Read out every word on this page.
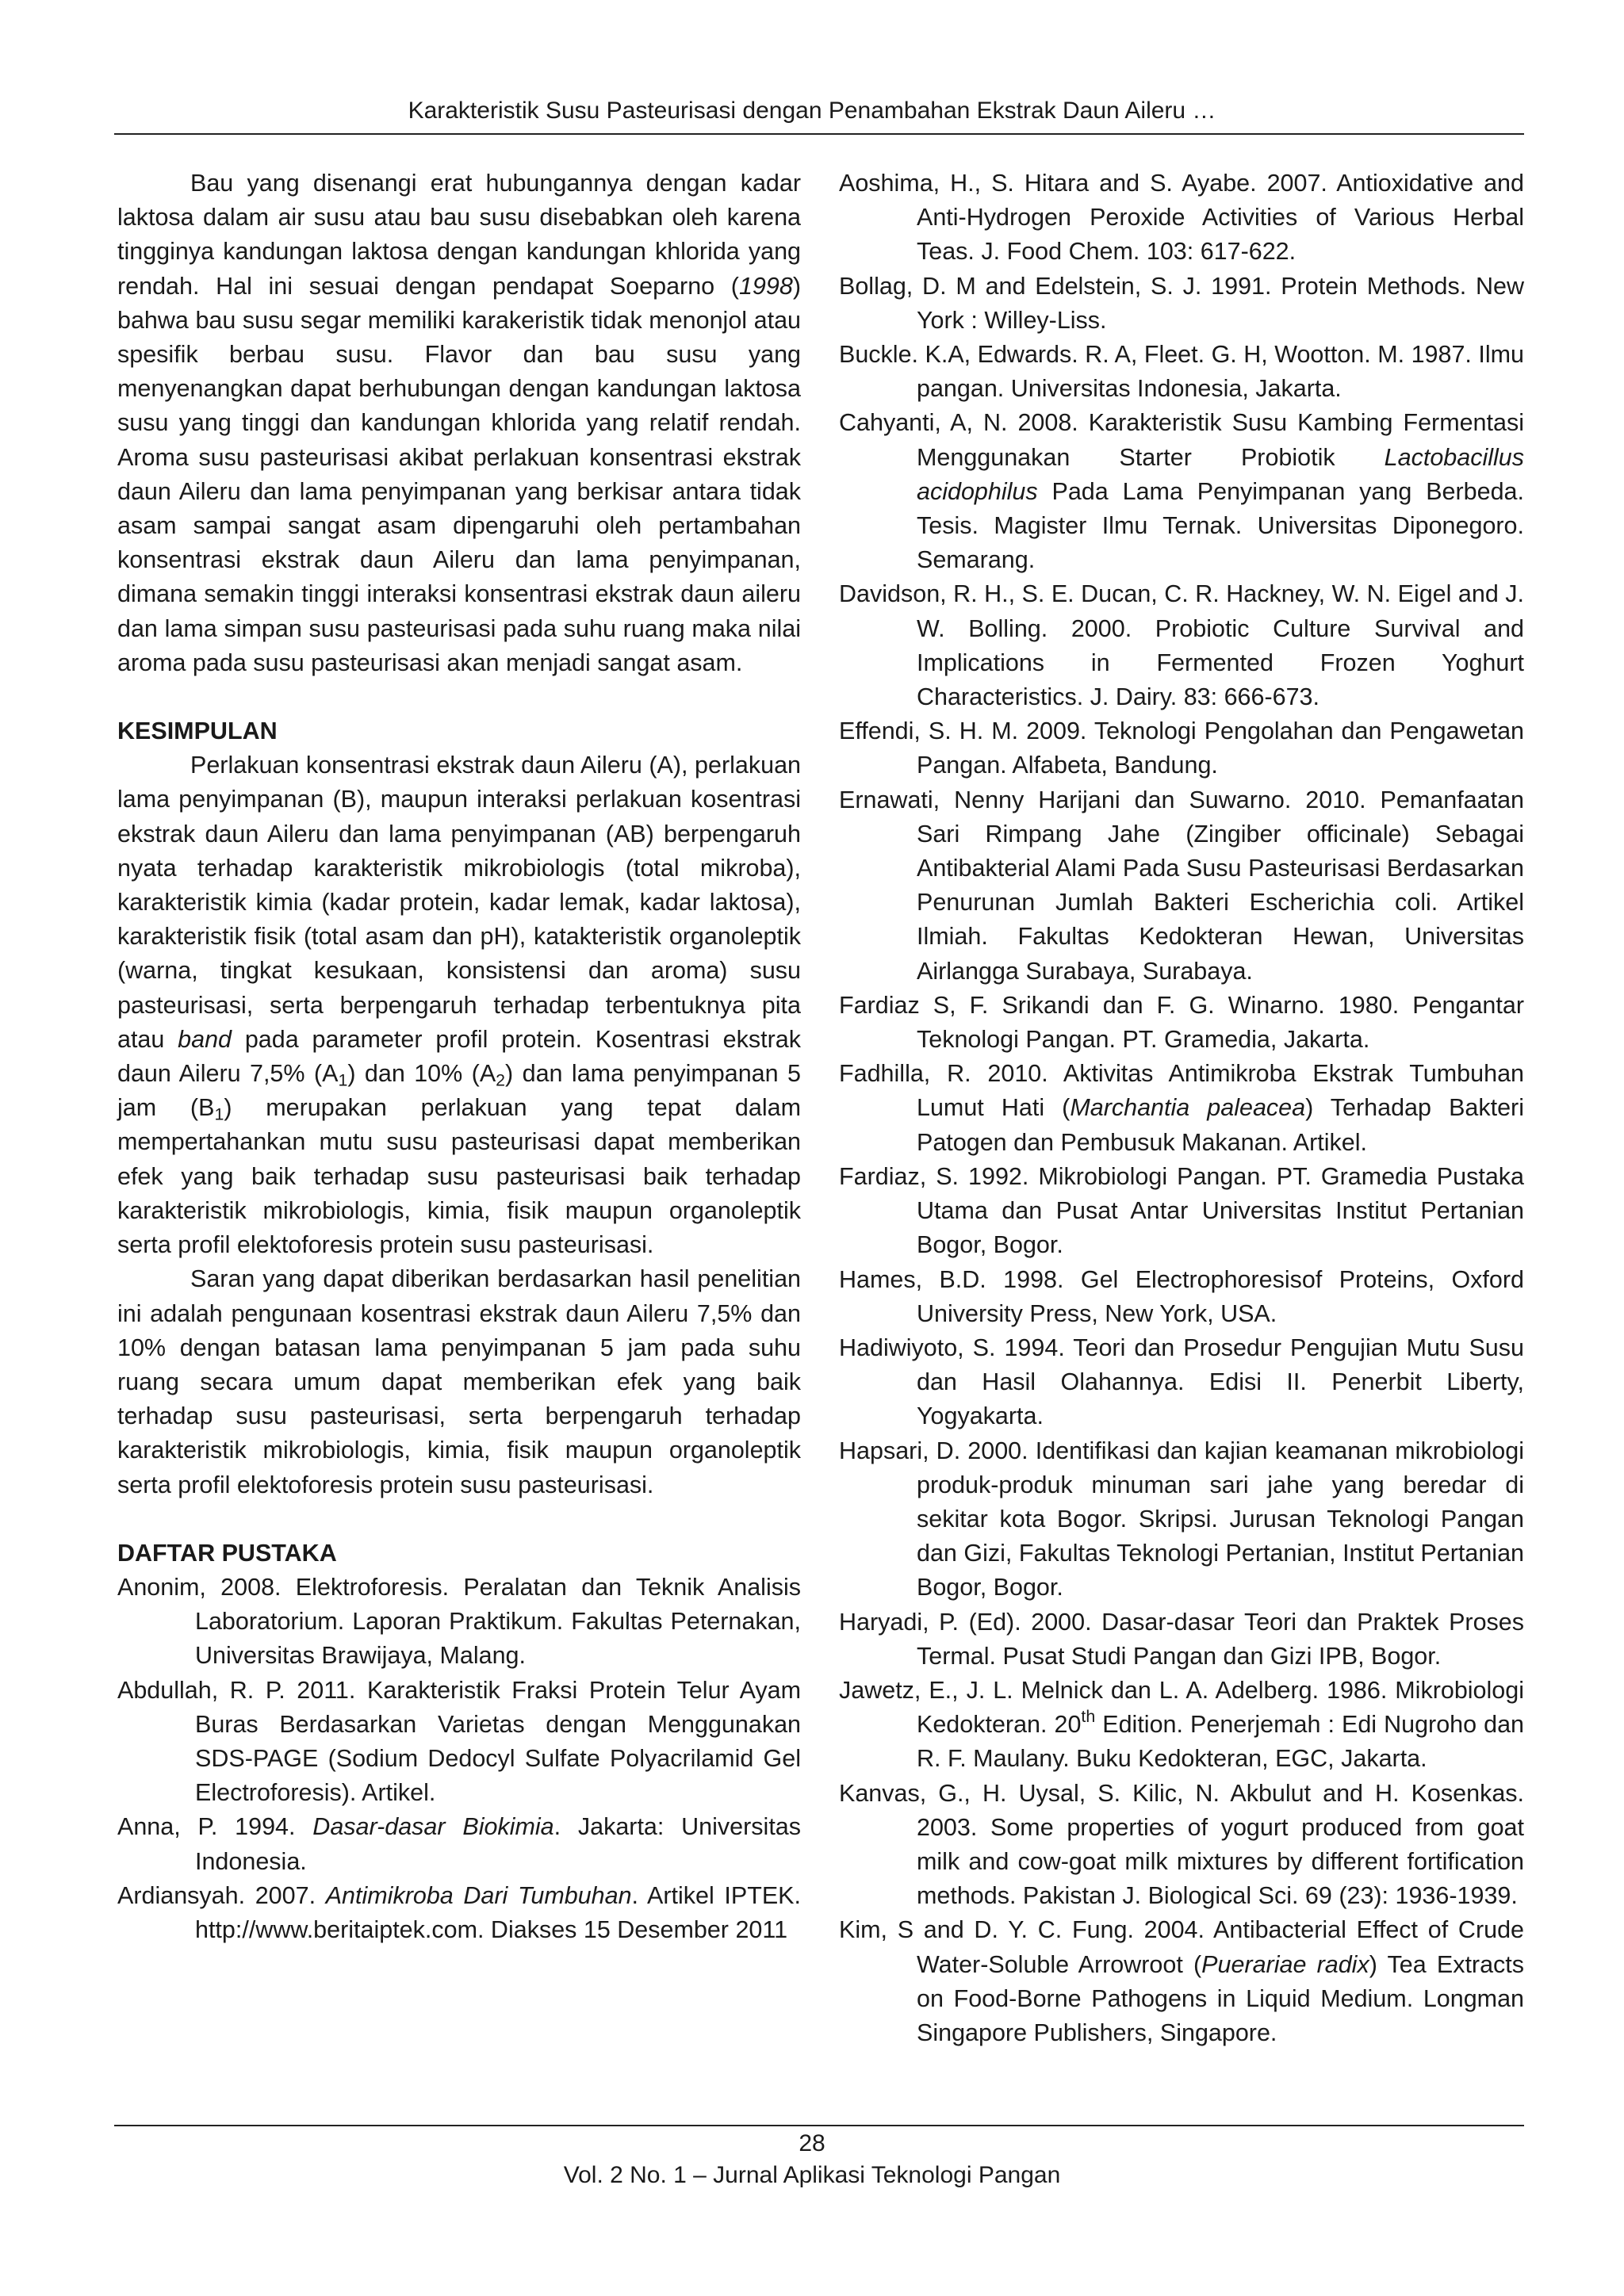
Karakteristik Susu Pasteurisasi dengan Penambahan Ekstrak Daun Aileru …

Bau yang disenangi erat hubungannya dengan kadar laktosa dalam air susu atau bau susu disebabkan oleh karena tingginya kandungan laktosa dengan kandungan khlorida yang rendah. Hal ini sesuai dengan pendapat Soeparno (1998) bahwa bau susu segar memiliki karakeristik tidak menonjol atau spesifik berbau susu. Flavor dan bau susu yang menyenangkan dapat berhubungan dengan kandungan laktosa susu yang tinggi dan kandungan khlorida yang relatif rendah. Aroma susu pasteurisasi akibat perlakuan konsentrasi ekstrak daun Aileru dan lama penyimpanan yang berkisar antara tidak asam sampai sangat asam dipengaruhi oleh pertambahan konsentrasi ekstrak daun Aileru dan lama penyimpanan, dimana semakin tinggi interaksi konsentrasi ekstrak daun aileru dan lama simpan susu pasteurisasi pada suhu ruang maka nilai aroma pada susu pasteurisasi akan menjadi sangat asam.

KESIMPULAN

Perlakuan konsentrasi ekstrak daun Aileru (A), perlakuan lama penyimpanan (B), maupun interaksi perlakuan kosentrasi ekstrak daun Aileru dan lama penyimpanan (AB) berpengaruh nyata terhadap karakteristik mikrobiologis (total mikroba), karakteristik kimia (kadar protein, kadar lemak, kadar laktosa), karakteristik fisik (total asam dan pH), katakteristik organoleptik (warna, tingkat kesukaan, konsistensi dan aroma) susu pasteurisasi, serta berpengaruh terhadap terbentuknya pita atau band pada parameter profil protein. Kosentrasi ekstrak daun Aileru 7,5% $(A_1)$ dan 10% $(A_2)$ dan lama penyimpanan 5 jam $(B_1)$ merupakan perlakuan yang tepat dalam mempertahankan mutu susu pasteurisasi dapat memberikan efek yang baik terhadap susu pasteurisasi baik terhadap karakteristik mikrobiologis, kimia, fisik maupun organoleptik serta profil elektoforesis protein susu pasteurisasi.

Saran yang dapat diberikan berdasarkan hasil penelitian ini adalah pengunaan kosentrasi ekstrak daun Aileru 7,5% dan 10% dengan batasan lama penyimpanan 5 jam pada suhu ruang secara umum dapat memberikan efek yang baik terhadap susu pasteurisasi, serta berpengaruh terhadap karakteristik mikrobiologis, kimia, fisik maupun organoleptik serta profil elektoforesis protein susu pasteurisasi.

DAFTAR PUSTAKA

Anonim, 2008. Elektroforesis. Peralatan dan Teknik Analisis Laboratorium. Laporan Praktikum. Fakultas Peternakan, Universitas Brawijaya, Malang.

Abdullah, R. P. 2011. Karakteristik Fraksi Protein Telur Ayam Buras Berdasarkan Varietas dengan Menggunakan SDS-PAGE (Sodium Dedocyl Sulfate Polyacrilamid Gel Electroforesis). Artikel.

Anna, P. 1994. Dasar-dasar Biokimia. Jakarta: Universitas Indonesia.

Ardiansyah. 2007. Antimikroba Dari Tumbuhan. Artikel IPTEK. http://www.beritaiptek.com. Diakses 15 Desember 2011

Aoshima, H., S. Hitara and S. Ayabe. 2007. Antioxidative and Anti-Hydrogen Peroxide Activities of Various Herbal Teas. J. Food Chem. 103: 617-622.

Bollag, D. M and Edelstein, S. J. 1991. Protein Methods. New York : Willey-Liss.

Buckle. K.A, Edwards. R. A, Fleet. G. H, Wootton. M. 1987. Ilmu pangan. Universitas Indonesia, Jakarta.

Cahyanti, A, N. 2008. Karakteristik Susu Kambing Fermentasi Menggunakan Starter Probiotik Lactobacillus acidophilus Pada Lama Penyimpanan yang Berbeda. Tesis. Magister Ilmu Ternak. Universitas Diponegoro. Semarang.

Davidson, R. H., S. E. Ducan, C. R. Hackney, W. N. Eigel and J. W. Bolling. 2000. Probiotic Culture Survival and Implications in Fermented Frozen Yoghurt Characteristics. J. Dairy. 83: 666-673.

Effendi, S. H. M. 2009. Teknologi Pengolahan dan Pengawetan Pangan. Alfabeta, Bandung.

Ernawati, Nenny Harijani dan Suwarno. 2010. Pemanfaatan Sari Rimpang Jahe (Zingiber officinale) Sebagai Antibakterial Alami Pada Susu Pasteurisasi Berdasarkan Penurunan Jumlah Bakteri Escherichia coli. Artikel Ilmiah. Fakultas Kedokteran Hewan, Universitas Airlangga Surabaya, Surabaya.

Fardiaz S, F. Srikandi dan F. G. Winarno. 1980. Pengantar Teknologi Pangan. PT. Gramedia, Jakarta.

Fadhilla, R. 2010. Aktivitas Antimikroba Ekstrak Tumbuhan Lumut Hati (Marchantia paleacea) Terhadap Bakteri Patogen dan Pembusuk Makanan. Artikel.

Fardiaz, S. 1992. Mikrobiologi Pangan. PT. Gramedia Pustaka Utama dan Pusat Antar Universitas Institut Pertanian Bogor, Bogor.

Hames, B.D. 1998. Gel Electrophoresisof Proteins, Oxford University Press, New York, USA.

Hadiwiyoto, S. 1994. Teori dan Prosedur Pengujian Mutu Susu dan Hasil Olahannya. Edisi II. Penerbit Liberty, Yogyakarta.

Hapsari, D. 2000. Identifikasi dan kajian keamanan mikrobiologi produk-produk minuman sari jahe yang beredar di sekitar kota Bogor. Skripsi. Jurusan Teknologi Pangan dan Gizi, Fakultas Teknologi Pertanian, Institut Pertanian Bogor, Bogor.

Haryadi, P. (Ed). 2000. Dasar-dasar Teori dan Praktek Proses Termal. Pusat Studi Pangan dan Gizi IPB, Bogor.

Jawetz, E., J. L. Melnick dan L. A. Adelberg. 1986. Mikrobiologi Kedokteran. 20th Edition. Penerjemah : Edi Nugroho dan R. F. Maulany. Buku Kedokteran, EGC, Jakarta.

Kanvas, G., H. Uysal, S. Kilic, N. Akbulut and H. Kosenkas. 2003. Some properties of yogurt produced from goat milk and cow-goat milk mixtures by different fortification methods. Pakistan J. Biological Sci. 69 (23): 1936-1939.

Kim, S and D. Y. C. Fung. 2004. Antibacterial Effect of Crude Water-Soluble Arrowroot (Puerariae radix) Tea Extracts on Food-Borne Pathogens in Liquid Medium. Longman Singapore Publishers, Singapore.

28
Vol. 2 No. 1 – Jurnal Aplikasi Teknologi Pangan
